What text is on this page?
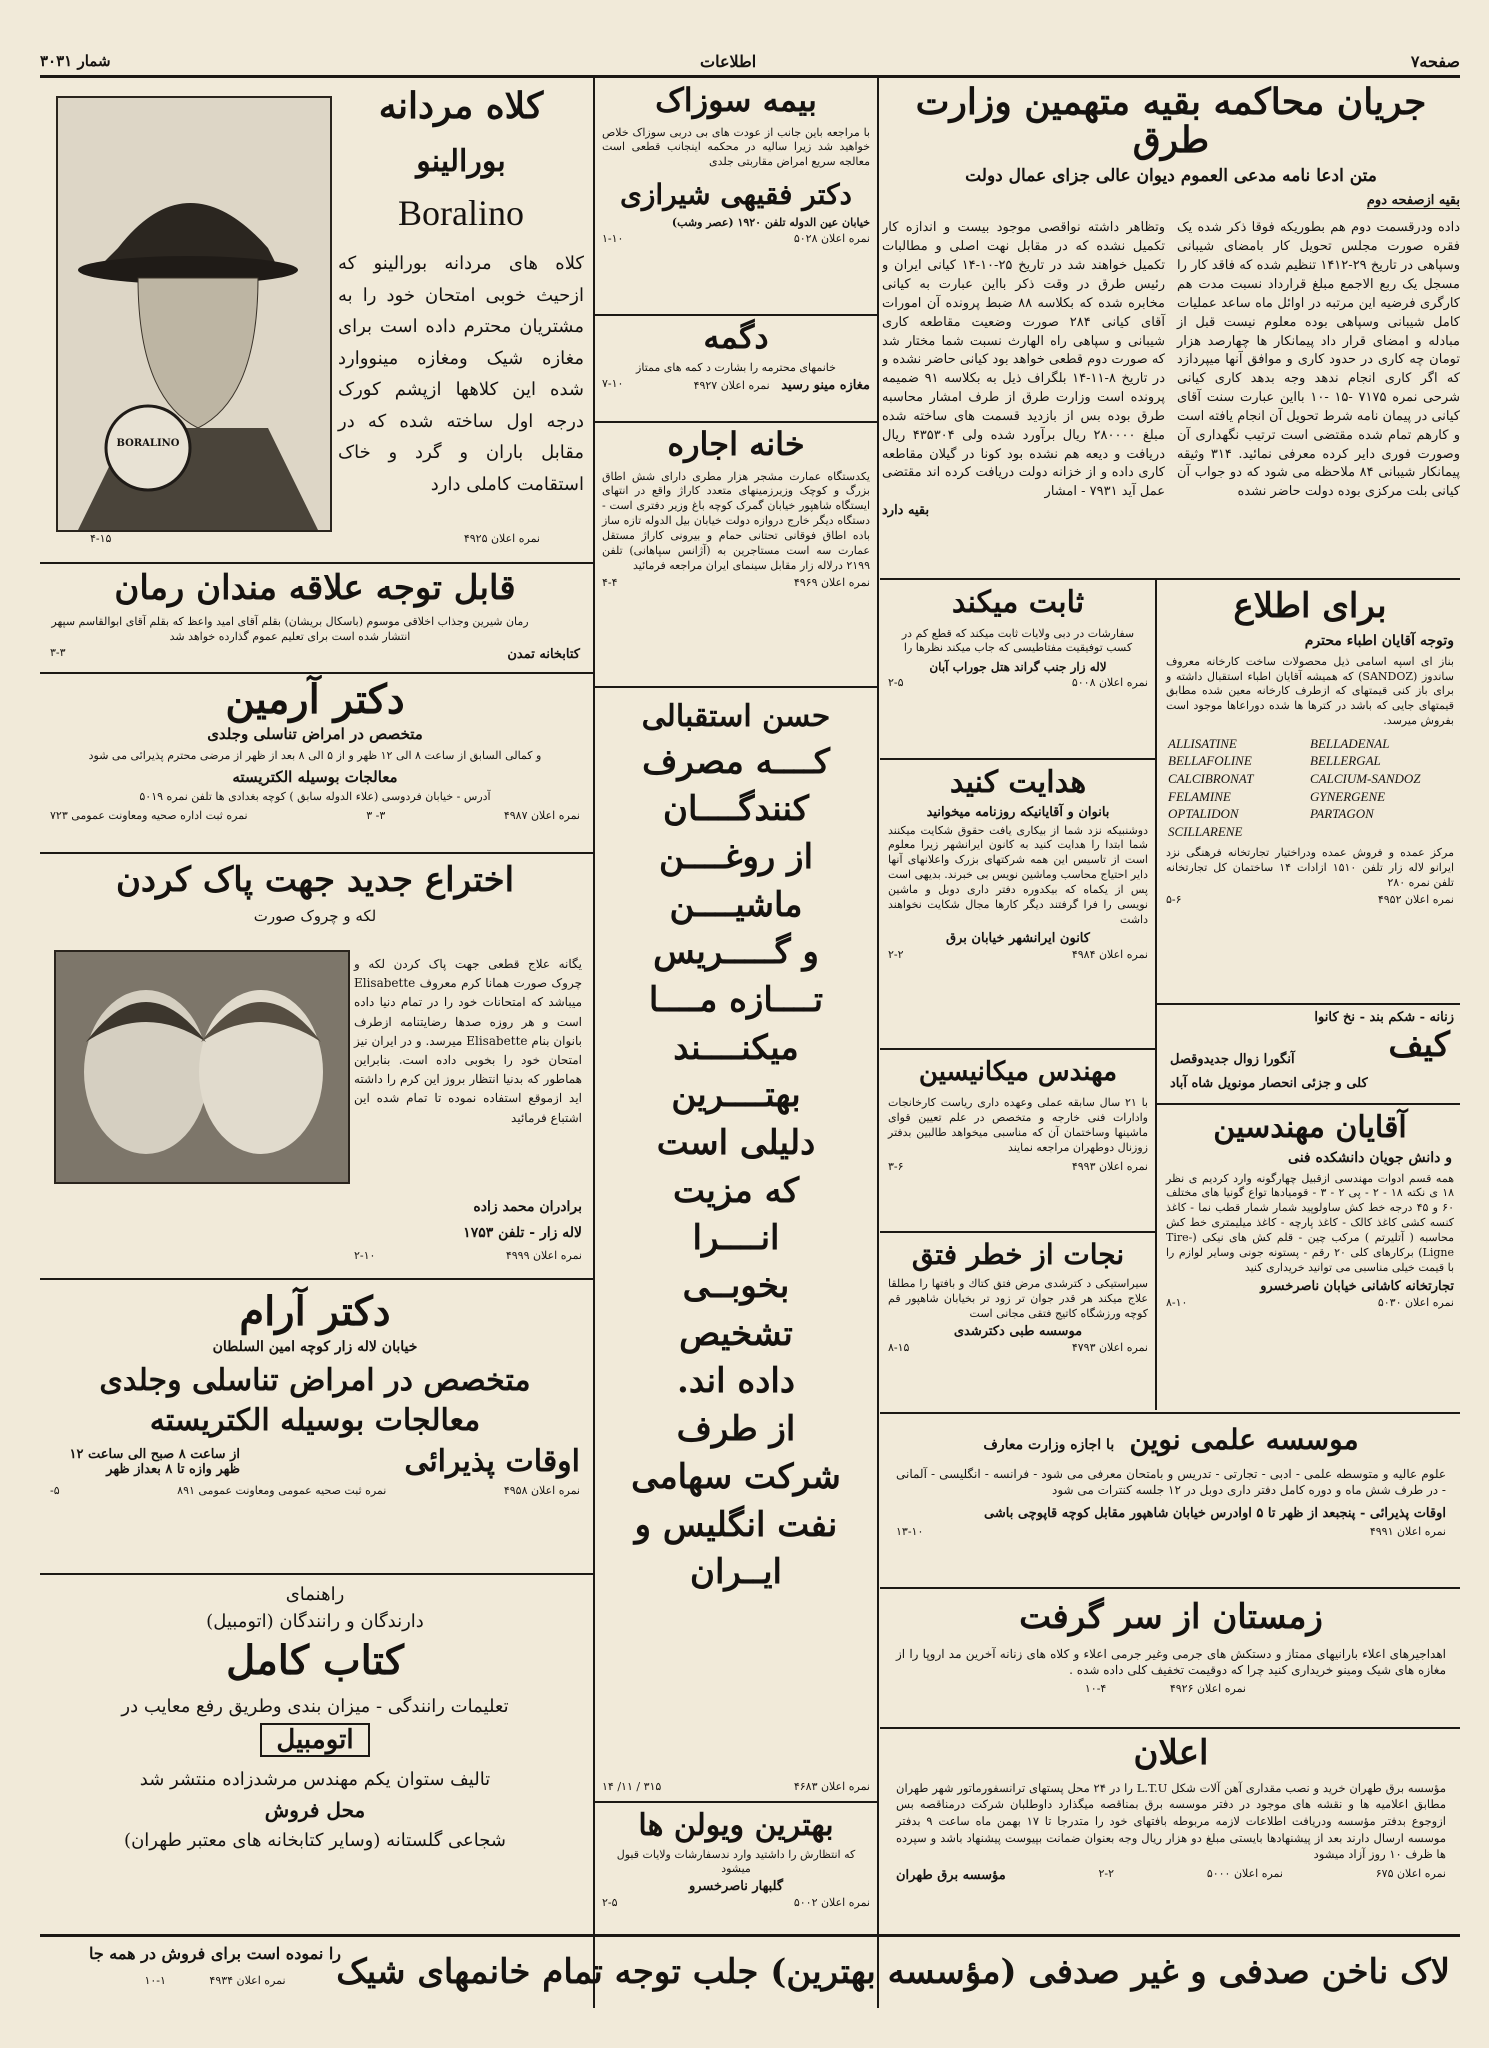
صفحه۷
اطلاعات
شمار ۳۰۳۱
جریان محاکمه بقیه متهمین وزارت طرق
متن ادعا نامه مدعی العموم دیوان عالی جزای عمال دولت
بقیه ازصفحه دوم
داده ودرقسمت دوم هم بطوریکه فوقا ذکر شده یک فقره صورت مجلس تحویل کار بامضای شیبانی وسپاهی در تاریخ ۲۹-۱۴۱۲ تنظیم شده که فاقد کار را مسجل یک ربع الاجمع مبلغ قرارداد نسبت مدت هم کارگری فرضیه این مرتبه در اوائل ماه ساعد عملیات کامل شیبانی وسپاهی بوده معلوم نیست قبل از مبادله و امضای قرار داد پیمانکار ها چهارصد هزار تومان چه کاری در حدود کاری و موافق آنها میپردازد که اگر کاری انجام ندهد وجه بدهد کاری کیانی شرحی نمره ۷۱۷۵ -۱۵ -۱۰ بااین عبارت سنت آقای کیانی در پیمان نامه شرط تحویل آن انجام یافته است و کارهم تمام شده مقتضی است ترتیب نگهداری آن وصورت فوری دایر کرده معرفی نمائید. ۳۱۴ وثیقه پیمانکار شیبانی ۸۴ ملاحظه می شود که دو جواب آن کیانی بلت مرکزی بوده دولت حاضر نشده
وتظاهر داشته نواقصی موجود بیست و اندازه کار تکمیل نشده که در مقابل نهت اصلی و مطالبات تکمیل خواهند شد در تاریخ ۲۵-۱۰-۱۴ کیانی ایران و رئیس طرق در وقت ذکر بااین عبارت به کیانی مخابره شده که بکلاسه ۸۸ ضبط پرونده آن امورات آقای کیانی ۲۸۴ صورت وضعیت مقاطعه کاری شیبانی و سپاهی راه الهارث نسبت شما مختار شد که صورت دوم قطعی خواهد بود کیانی حاضر نشده و در تاریخ ۸-۱۱-۱۴ بلگراف ذیل به بکلاسه ۹۱ ضمیمه پرونده است وزارت طرق از طرف امشار محاسبه طرق بوده بس از بازدید قسمت های ساخته شده مبلغ ۲۸۰۰۰۰ ریال برآورد شده ولی ۴۳۵۳۰۴ ریال دریافت و دیعه هم نشده بود کونا در گیلان مقاطعه کاری داده و از خزانه دولت دریافت کرده اند مقتضی عمل آید ۷۹۳۱ - امشار
بقیه دارد
BORALINO
کلاه مردانه
بورالینو
Boralino
کلاه های مردانه بورالینو که ازحیث خوبی امتحان خود را به مشتریان محترم داده است برای مغازه شیک ومغازه مینووارد شده این کلاهها ازپشم کورک درجه اول ساخته شده که در مقابل باران و گرد و خاک استقامت کاملی دارد
نمره اعلان ۴۹۲۵
۴-۱۵
قابل توجه علاقه مندان رمان
رمان شیرین وجذاب اخلاقی موسوم (باسکال بریشان) بقلم آقای امید واعظ که بقلم آقای ابوالقاسم سپهر انتشار شده است برای تعلیم عموم گذارده خواهد شد
کتابخانه تمدن
۳-۳
دکتر آرمین
متخصص در امراض تناسلی وجلدی
و کمالی السابق از ساعت ۸ الی ۱۲ ظهر و از ۵ الی ۸ بعد از ظهر از مرضی محترم پذیرائی می شود
معالجات بوسیله الکتریسته
آدرس - خیابان فردوسی (علاء الدوله سابق ) کوچه بغدادی ها تلفن نمره ۵۰۱۹
نمره اعلان ۴۹۸۷
۳- ۳
نمره ثبت اداره صحیه ومعاونت عمومی ۷۲۳
اختراع جدید جهت پاک کردن
لکه و چروک صورت
یگانه علاج قطعی جهت پاک کردن لکه و چروک صورت همانا کرم معروف Elisabette میباشد که امتحانات خود را در تمام دنیا داده است و هر روزه صدها رضایتنامه ازطرف بانوان بنام Elisabette میرسد. و در ایران نیز امتحان خود را بخوبی داده است. بنابراین هماطور که بدنیا انتظار بروز این کرم را داشته اید ازموقع استفاده نموده تا تمام شده این اشتباع فرمائید
برادران محمد زاده
لاله زار - تلفن ۱۷۵۳
نمره اعلان ۴۹۹۹
۲-۱۰
دکتر آرام
خیابان لاله زار کوچه امین السلطان
متخصص در امراض تناسلی وجلدی
معالجات بوسیله الکتریسته
اوقات پذیرائی
از ساعت ۸ صبح الی ساعت ۱۲ ظهر وازه تا ۸ بعداز ظهر
نمره اعلان ۴۹۵۸
نمره ثبت صحیه عمومی ومعاونت عمومی ۸۹۱
۵-
راهنمای
دارندگان و رانندگان (اتومبیل)
کتاب کامل
تعلیمات رانندگی - میزان بندی وطریق رفع معایب در
اتومبیل
تالیف ستوان یکم مهندس مرشدزاده منتشر شد
محل فروش
شجاعی گلستانه (وسایر کتابخانه های معتبر طهران)
بیمه سوزاک
با مراجعه باین جانب از عودت های بی دربی سوزاک خلاص خواهید شد زیرا سالیه در محکمه اینجانب قطعی است معالجه سریع امراض مقاربتی جلدی
دکتر فقیهی شیرازی
خیابان عین الدوله تلفن ۱۹۲۰ (عصر وشب)
نمره اعلان ۵۰۲۸
۱-۱۰
دگمه
خانمهای محترمه را بشارت د کمه های ممتاز
مغازه مینو رسید نمره اعلان ۴۹۲۷
۷-۱۰
خانه اجاره
یکدستگاه عمارت مشجر هزار مطری دارای شش اطاق بزرگ و کوچک وزیرزمینهای متعدد کاراژ واقع در انتهای ایستگاه شاهپور خیابان گمرک کوچه باغ وزیر دفتری است - دستگاه دیگر خارج دروازه دولت خیابان بیل الدوله تازه ساز باده اطاق فوقانی تحتانی حمام و بیرونی کاراژ مستقل عمارت سه است مستاجرین به (آژانس سپاهانی) تلفن ۲۱۹۹ درلاله زار مقابل سینمای ایران مراجعه فرمائید
نمره اعلان ۴۹۶۹
۴-۴
حسن استقبالی
کــــه مصرف
کنندگــــان
از روغــــن
ماشیــــن
و گـــــریس
تــــازه مــــا
میکنــــند
بهتــــرین
دلیلی است
که مزیت
انــــرا
بخوبــی
تشخیص
داده اند.
از طرف
شرکت سهامی
نفت انگلیس و
ایــران
نمره اعلان ۴۶۸۳
۳۱۵ / ۱۱/ ۱۴
بهترین ویولن ها
که انتظارش را داشتید وارد ندسفارشات ولایات قبول میشود
گلبهار ناصرخسرو
نمره اعلان ۵۰۰۲
۲-۵
ثابت میکند
سفارشات در دبی ولایات ثابت میکند که قطع کم در کسب توفیقیت مفتاطیسی که جاب میکند نظرها را
لاله زار جنب گراند هتل جوراب آبان
نمره اعلان ۵۰۰۸
۲-۵
هدایت کنید
بانوان و آقایانیکه روزنامه میخوانید
دوشنبیکه نزد شما از بیکاری یافت حقوق شکایت میکنند شما ابتدا را هدایت کنید به کانون ایرانشهر زیرا معلوم است از تاسیس این همه شرکتهای بزرک واعلانهای آنها دایر احتیاج محاسب وماشین نویس بی خبرند. بدیهی است پس از یکماه که بیکدوره دفتر داری دوبل و ماشین نویسی را فرا گرفتند دیگر کارها مجال شکایت نخواهند داشت
کانون ایرانشهر خیابان برق
نمره اعلان ۴۹۸۴
۲-۲
مهندس میکانیسین
با ۲۱ سال سابقه عملی وعهده داری ریاست کارخانجات وادارات فنی خارجه و متخصص در علم تعیین قوای ماشینها وساختمان آن که مناسبی میخواهد طالبین بدفتر زوزنال دوطهران مراجعه نمایند
نمره اعلان ۴۹۹۳
۳-۶
نجات از خطر فتق
سیراستیکی د کترشدی مرض فتق کتاك و بافتها را مطلقا علاج میکند هر قدر جوان تر زود تر بخیابان شاهپور قم کوچه ورزشگاه کاتیج فتقی مجانی است
موسسه طبی دکترشدی
نمره اعلان ۴۷۹۳
۸-۱۵
برای اطلاع
وتوجه آقایان اطباء محترم
بناز ای اسپه اسامی ذیل محصولات ساخت کارخانه معروف ساندوز (SANDOZ) که همیشه آقایان اطباء استقبال داشته و برای باز کنی قیمتهای که ازطرف کارخانه معین شده مطابق قیمتهای جایی که باشد در کترها ها شده دوراعاها موجود است بفروش میرسد.
ALLISATINE	BELLADENAL
BELLAFOLINE	BELLERGAL
CALCIBRONAT	CALCIUM-SANDOZ
FELAMINE	GYNERGENE
OPTALIDON	PARTAGON
SCILLARENE
مرکز عمده و فروش عمده ودراختیار تجارتخانه فرهنگی نزد ایرانو لاله زار تلفن ۱۵۱۰ ازادات ۱۴ ساختمان کل تجارتخانه تلفن نمره ۲۸۰
نمره اعلان ۴۹۵۲
۵-۶
زنانه - شکم بند - نخ کانوا
کیف
آنگورا زوال جدیدوقصل
کلی و جزئی انحصار مونویل شاه آباد
آقایان مهندسین
و دانش جویان دانشکده فنی
همه قسم ادوات مهندسی ازقبیل چهارگونه وارد کردیم ی نظر ۱۸ ی نکته ۱۸ - ۲ - پی ۲ - ۳ - قومیادها تواع گونیا های مختلف ۶۰ و ۴۵ درجه خط کش ساولوپید شمار شمار قطب نما - کاغذ کنسه کشی کاغذ کالک - کاغذ پارچه - کاغذ میلیمتری خط کش محاسبه ( آتلیرتم ) مرکب چین - قلم کش های نیکی (Tire-Ligne) برکارهای کلی ۲۰ رقم - پستونه جونی وسایر لوازم را با قیمت خیلی مناسبی می توانید خریداری کنید
تجارتخانه کاشانی خیابان ناصرخسرو
نمره اعلان ۵۰۳۰
۸-۱۰
موسسه علمی نوین با اجازه وزارت معارف
علوم عالیه و متوسطه علمی - ادبی - تجارتی - تدریس و بامتحان معرفی می شود - فرانسه - انگلیسی - آلمانی - در طرف شش ماه و دوره کامل دفتر داری دوبل در ۱۲ جلسه کنترات می شود
اوقات پذیرائی - پنجبعد از ظهر تا ۵ اوادرس خیابان شاهپور مقابل کوچه قاپوچی باشی
نمره اعلان ۴۹۹۱
۱۳-۱۰
زمستان از سر گرفت
اهداجیرهای اعلاء بارانیهای ممتاز و دستکش های جرمی وغیر جرمی اعلاء و کلاه های زنانه آخرین مد اروپا را از مغازه های شیک ومینو خریداری کنید چرا که دوقیمت تخفیف کلی داده شده .
نمره اعلان ۴۹۲۶ ۴-۱۰
اعلان
مؤسسه برق طهران خرید و نصب مقداری آهن آلات شکل L.T.U را در ۲۴ محل پستهای ترانسفورماتور شهر طهران مطابق اعلامیه ها و نقشه های موجود در دفتر موسسه برق بمناقصه میگذارد داوطلبان شرکت درمناقصه بس ازوجوع بدفتر مؤسسه ودریافت اطلاعات لازمه مربوطه بافتهای خود را متدرجا تا ۱۷ بهمن ماه ساعت ۹ بدفتر موسسه ارسال دارند بعد از پیشنهادها بایستی مبلغ دو هزار ریال وجه بعنوان ضمانت بپیوست پیشنهاد باشد و سپرده ها ظرف ۱۰ روز آزاد میشود
نمره اعلان ۶۷۵
نمره اعلان ۵۰۰۰
۲-۲
مؤسسه برق طهران
لاک ناخن صدفی و غیر صدفی (مؤسسه بهترین) جلب توجه تمام خانمهای شیک
را نموده است برای فروش در همه جا
نمره اعلان ۴۹۳۴ ۱-۱۰
